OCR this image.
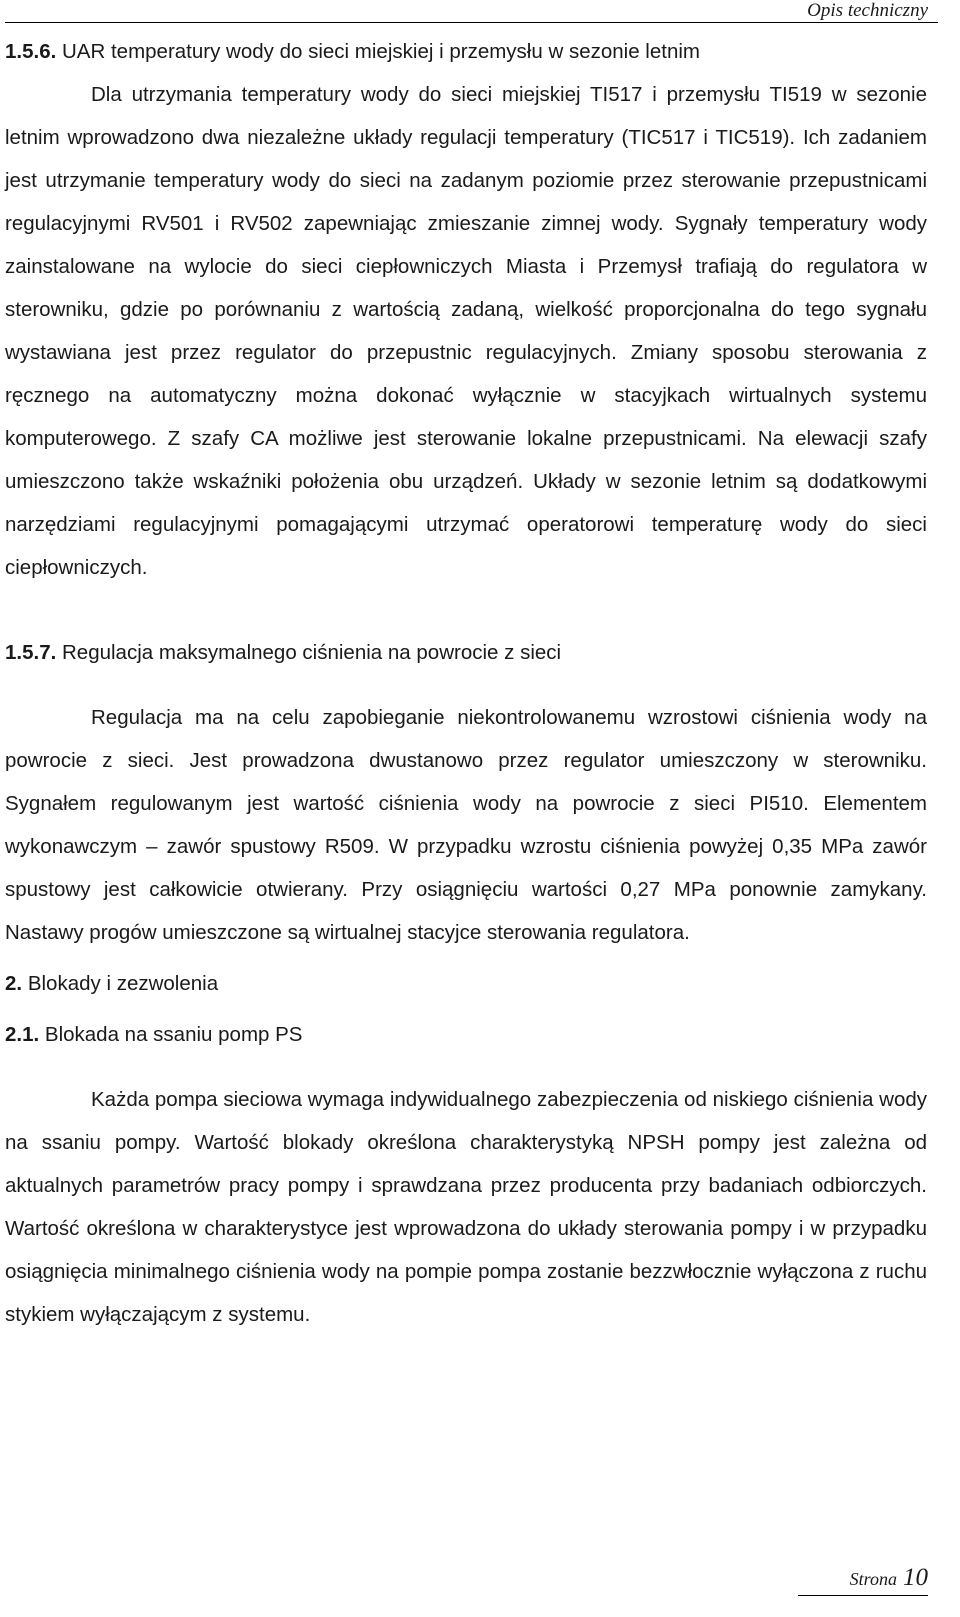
Opis techniczny
1.5.6. UAR temperatury wody do sieci miejskiej i przemysłu w sezonie letnim

Dla utrzymania temperatury wody do sieci miejskiej TI517 i przemysłu TI519 w sezonie letnim wprowadzono dwa niezależne układy regulacji temperatury (TIC517 i TIC519). Ich zadaniem jest utrzymanie temperatury wody do sieci na zadanym poziomie przez sterowanie przepustnicami regulacyjnymi RV501 i RV502 zapewniając zmieszanie zimnej wody. Sygnały temperatury wody zainstalowane na wylocie do sieci ciepłowniczych Miasta i Przemysł trafiają do regulatora w sterowniku, gdzie po porównaniu z wartością zadaną, wielkość proporcjonalna do tego sygnału wystawiana jest przez regulator do przepustnic regulacyjnych. Zmiany sposobu sterowania z ręcznego na automatyczny można dokonać wyłącznie w stacyjkach wirtualnych systemu komputerowego. Z szafy CA możliwe jest sterowanie lokalne przepustnicami. Na elewacji szafy umieszczono także wskaźniki położenia obu urządzeń. Układy w sezonie letnim są dodatkowymi narzędziami regulacyjnymi pomagającymi utrzymać operatorowi temperaturę wody do sieci ciepłowniczych.

1.5.7. Regulacja maksymalnego ciśnienia na powrocie z sieci

Regulacja ma na celu zapobieganie niekontrolowanemu wzrostowi ciśnienia wody na powrocie z sieci. Jest prowadzona dwustanowo przez regulator umieszczony w sterowniku. Sygnałem regulowanym jest wartość ciśnienia wody na powrocie z sieci PI510. Elementem wykonawczym – zawór spustowy R509. W przypadku wzrostu ciśnienia powyżej 0,35 MPa zawór spustowy jest całkowicie otwierany. Przy osiągnięciu wartości 0,27 MPa ponownie zamykany. Nastawy progów umieszczone są wirtualnej stacyjce sterowania regulatora.

2. Blokady i zezwolenia
2.1. Blokada na ssaniu pomp PS

Każda pompa sieciowa wymaga indywidualnego zabezpieczenia od niskiego ciśnienia wody na ssaniu pompy. Wartość blokady określona charakterystyką NPSH pompy jest zależna od aktualnych parametrów pracy pompy i sprawdzana przez producenta przy badaniach odbiorczych. Wartość określona w charakterystyce jest wprowadzona do układy sterowania pompy i w przypadku osiągnięcia minimalnego ciśnienia wody na pompie pompa zostanie bezzwłocznie wyłączona z ruchu stykiem wyłączającym z systemu.

Strona 10
